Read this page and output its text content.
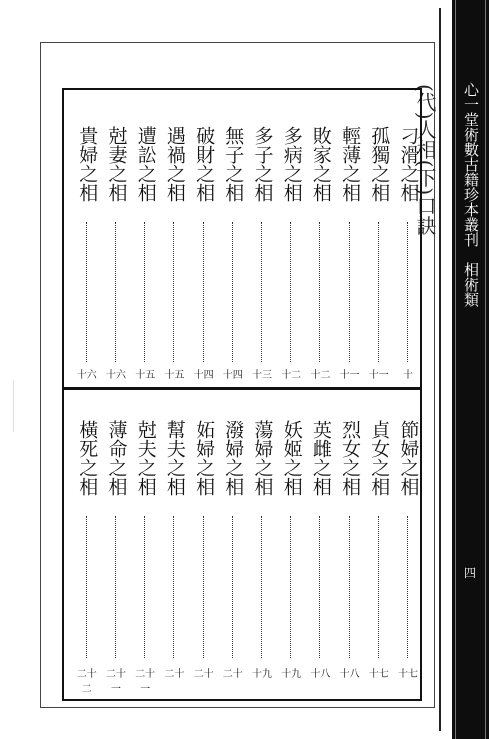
心一堂術數古籍珍本叢刊　相術類
四
(代)人相(下)口訣
刁滑之相
十
孤獨之相
十一
輕薄之相
十一
敗家之相
十二
多病之相
十二
多子之相
十三
無子之相
十四
破財之相
十四
遇禍之相
十五
遭訟之相
十五
尅妻之相
十六
貴婦之相
十六
節婦之相
十七
貞女之相
十七
烈女之相
十八
英雌之相
十八
妖姬之相
十九
蕩婦之相
十九
潑婦之相
二十
妬婦之相
二十
幫夫之相
二十
尅夫之相
二十一
薄命之相
二十一
橫死之相
二十二
